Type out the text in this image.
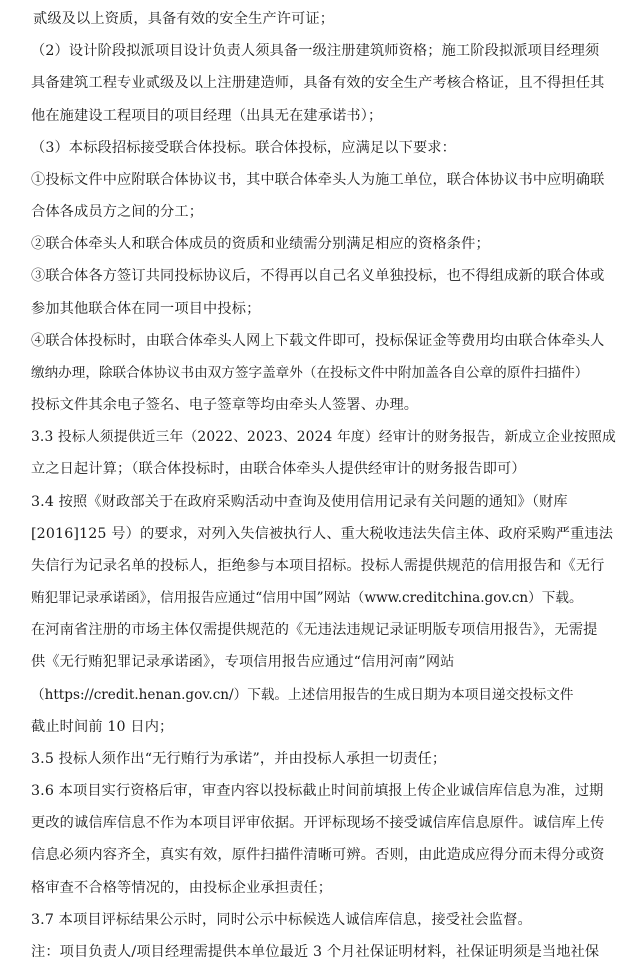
贰级及以上资质，具备有效的安全生产许可证；
（2）设计阶段拟派项目设计负责人须具备一级注册建筑师资格；施工阶段拟派项目经理须
具备建筑工程专业贰级及以上注册建造师，具备有效的安全生产考核合格证，且不得担任其
他在施建设工程项目的项目经理（出具无在建承诺书）；
（3）本标段招标接受联合体投标。联合体投标，应满足以下要求：
①投标文件中应附联合体协议书，其中联合体牵头人为施工单位，联合体协议书中应明确联
合体各成员方之间的分工；
②联合体牵头人和联合体成员的资质和业绩需分别满足相应的资格条件；
③联合体各方签订共同投标协议后，不得再以自己名义单独投标，也不得组成新的联合体或
参加其他联合体在同一项目中投标；
④联合体投标时，由联合体牵头人网上下载文件即可，投标保证金等费用均由联合体牵头人
缴纳办理，除联合体协议书由双方签字盖章外（在投标文件中附加盖各自公章的原件扫描件）
投标文件其余电子签名、电子签章等均由牵头人签署、办理。
3.3 投标人须提供近三年（2022、2023、2024 年度）经审计的财务报告，新成立企业按照成
立之日起计算；（联合体投标时，由联合体牵头人提供经审计的财务报告即可）
3.4 按照《财政部关于在政府采购活动中查询及使用信用记录有关问题的通知》（财库
[2016]125 号）的要求，对列入失信被执行人、重大税收违法失信主体、政府采购严重违法
失信行为记录名单的投标人，拒绝参与本项目招标。投标人需提供规范的信用报告和《无行
贿犯罪记录承诺函》，信用报告应通过“信用中国”网站（www.creditchina.gov.cn）下载。
在河南省注册的市场主体仅需提供规范的《无违法违规记录证明版专项信用报告》，无需提
供《无行贿犯罪记录承诺函》，专项信用报告应通过“信用河南”网站
（https://credit.henan.gov.cn/）下载。上述信用报告的生成日期为本项目递交投标文件
截止时间前 10 日内；
3.5 投标人须作出“无行贿行为承诺”，并由投标人承担一切责任；
3.6 本项目实行资格后审，审查内容以投标截止时间前填报上传企业诚信库信息为准，过期
更改的诚信库信息不作为本项目评审依据。开评标现场不接受诚信库信息原件。诚信库上传
信息必须内容齐全，真实有效，原件扫描件清晰可辨。否则，由此造成应得分而未得分或资
格审查不合格等情况的，由投标企业承担责任；
3.7 本项目评标结果公示时，同时公示中标候选人诚信库信息，接受社会监督。
注：项目负责人/项目经理需提供本单位最近 3 个月社保证明材料，社保证明须是当地社保
